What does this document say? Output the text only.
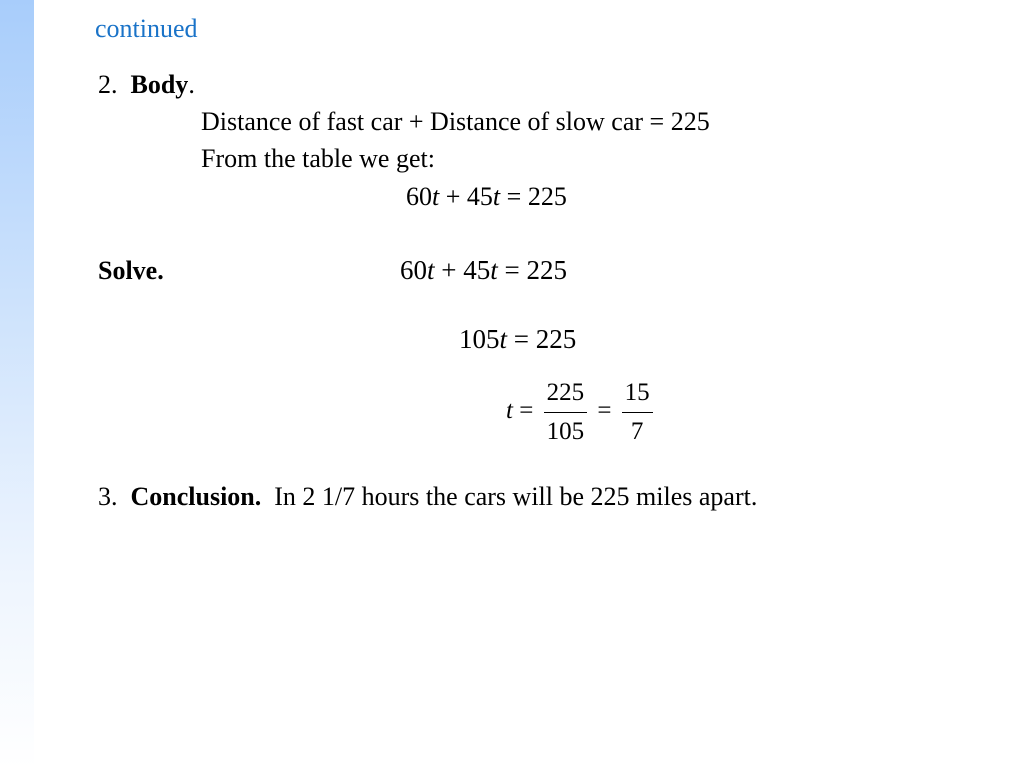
continued
2. Body.
Distance of fast car + Distance of slow car = 225
From the table we get:
60t + 45t = 225
Solve.	60t + 45t = 225
105t = 225
$t = \frac{225}{105} = \frac{15}{7}$
3. Conclusion. In 2 1/7 hours the cars will be 225 miles apart.
